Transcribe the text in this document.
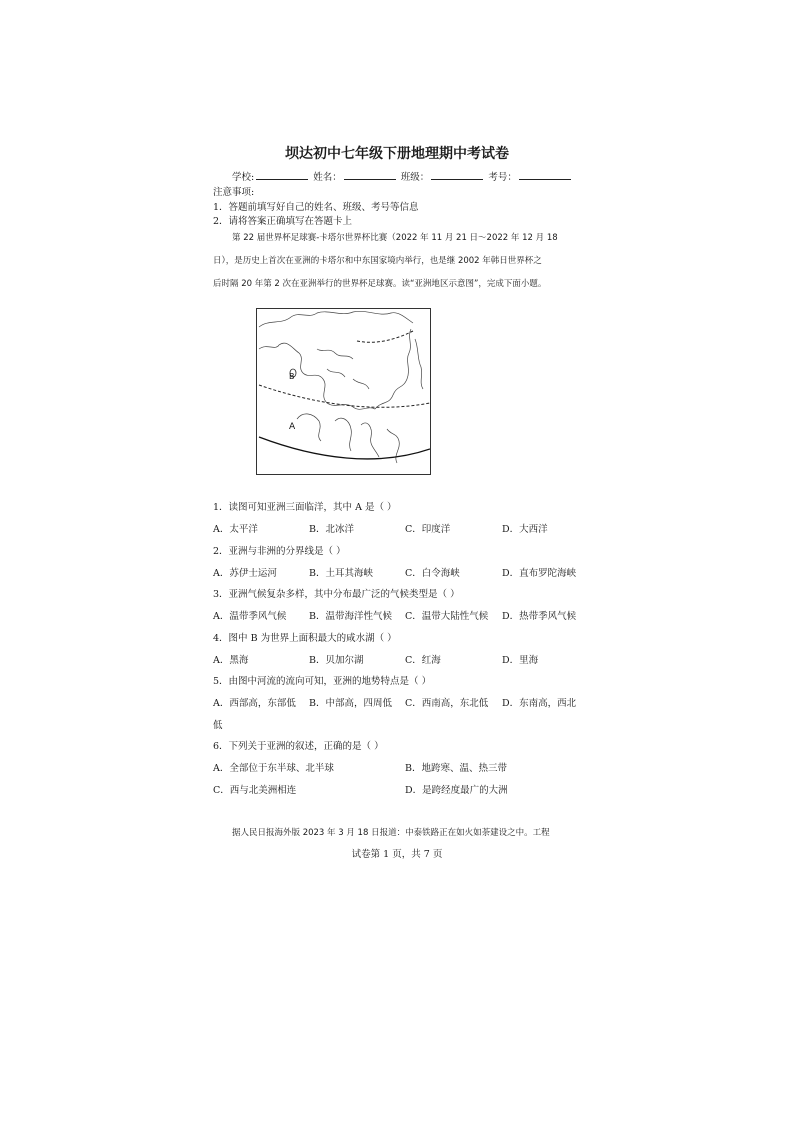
坝达初中七年级下册地理期中考试卷
学校:	姓名：	班级：	考号：
注意事项:
1．答题前填写好自己的姓名、班级、考号等信息
2．请将答案正确填写在答题卡上
第 22 届世界杯足球赛-卡塔尔世界杯比赛（2022 年 11 月 21 日～2022 年 12 月 18
日），是历史上首次在亚洲的卡塔尔和中东国家境内举行，也是继 2002 年韩日世界杯之
后时隔 20 年第 2 次在亚洲举行的世界杯足球赛。读“亚洲地区示意图”，完成下面小题。
B
A
1．读图可知亚洲三面临洋，其中 A 是（ ）
A．太平洋	B．北冰洋	C．印度洋	D．大西洋
2．亚洲与非洲的分界线是（ ）
A．苏伊士运河	B．土耳其海峡	C．白令海峡	D．直布罗陀海峡
3．亚洲气候复杂多样，其中分布最广泛的气候类型是（ ）
A．温带季风气候 B．温带海洋性气候 C．温带大陆性气候 D．热带季风气候
4．图中 B 为世界上面积最大的咸水湖（ ）
A．黑海	B．贝加尔湖	C．红海	D．里海
5．由图中河流的流向可知，亚洲的地势特点是（ ）
A．西部高，东部低 B．中部高，四周低 C．西南高，东北低 D．东南高，西北
低
6．下列关于亚洲的叙述，正确的是（ ）
A．全部位于东半球、北半球	B．地跨寒、温、热三带
C．西与北美洲相连	D．是跨经度最广的大洲
据人民日报海外版 2023 年 3 月 18 日报道：中泰铁路正在如火如荼建设之中。工程
试卷第 1 页，共 7 页
